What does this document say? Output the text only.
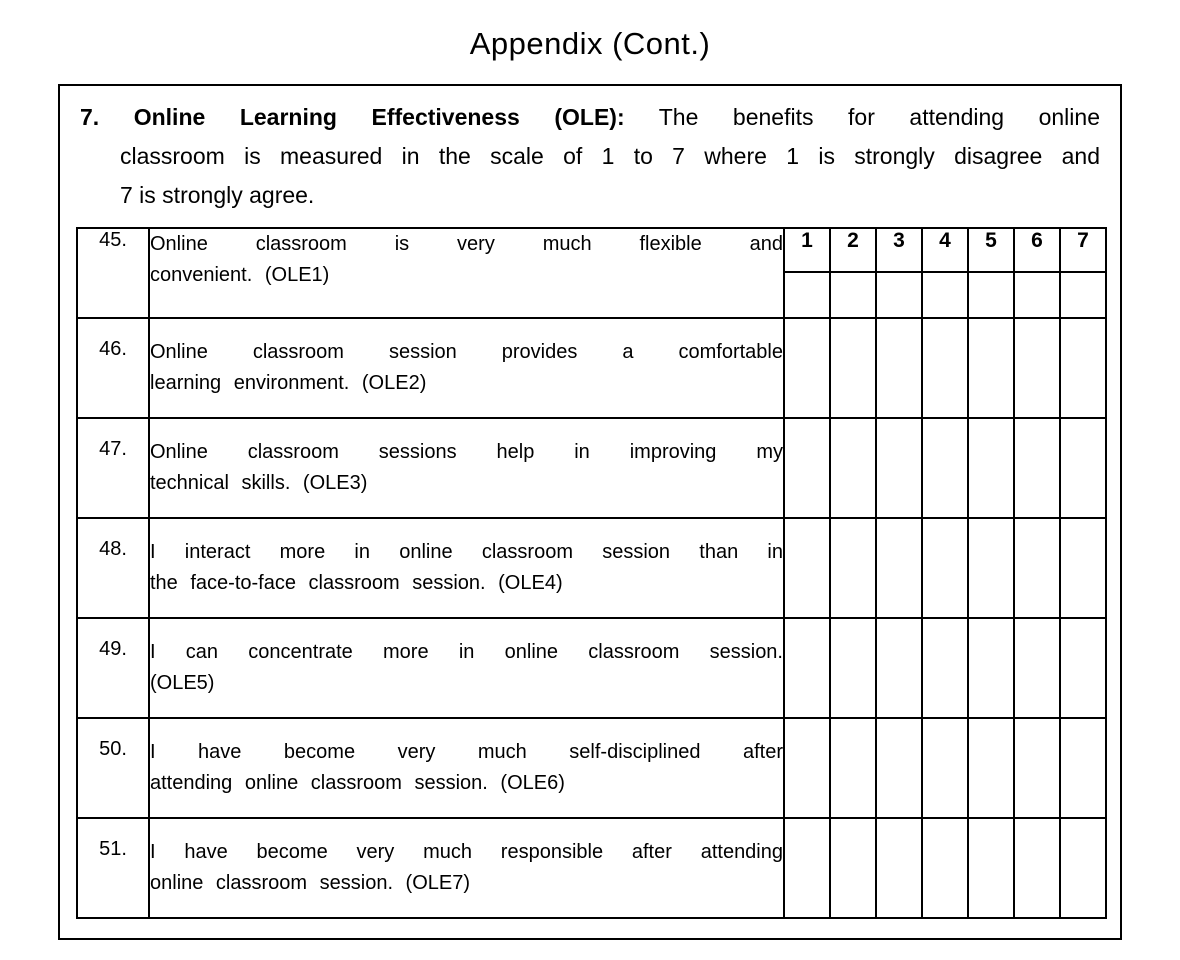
Appendix (Cont.)
7. Online Learning Effectiveness (OLE): The benefits for attending online
classroom is measured in the scale of 1 to 7 where 1 is strongly disagree and
7 is strongly agree.
45.	Online classroom is very much flexible and
convenient. (OLE1)	1	2	3	4	5	6	7

46.	Online classroom session provides a comfortable
learning environment. (OLE2)							

47.	Online classroom sessions help in improving my
technical skills. (OLE3)							

48.	I interact more in online classroom session than in
the face-to-face classroom session. (OLE4)							

49.	I can concentrate more in online classroom session.
(OLE5)							

50.	I have become very much self-disciplined after
attending online classroom session. (OLE6)							

51.	I have become very much responsible after attending
online classroom session. (OLE7)							
